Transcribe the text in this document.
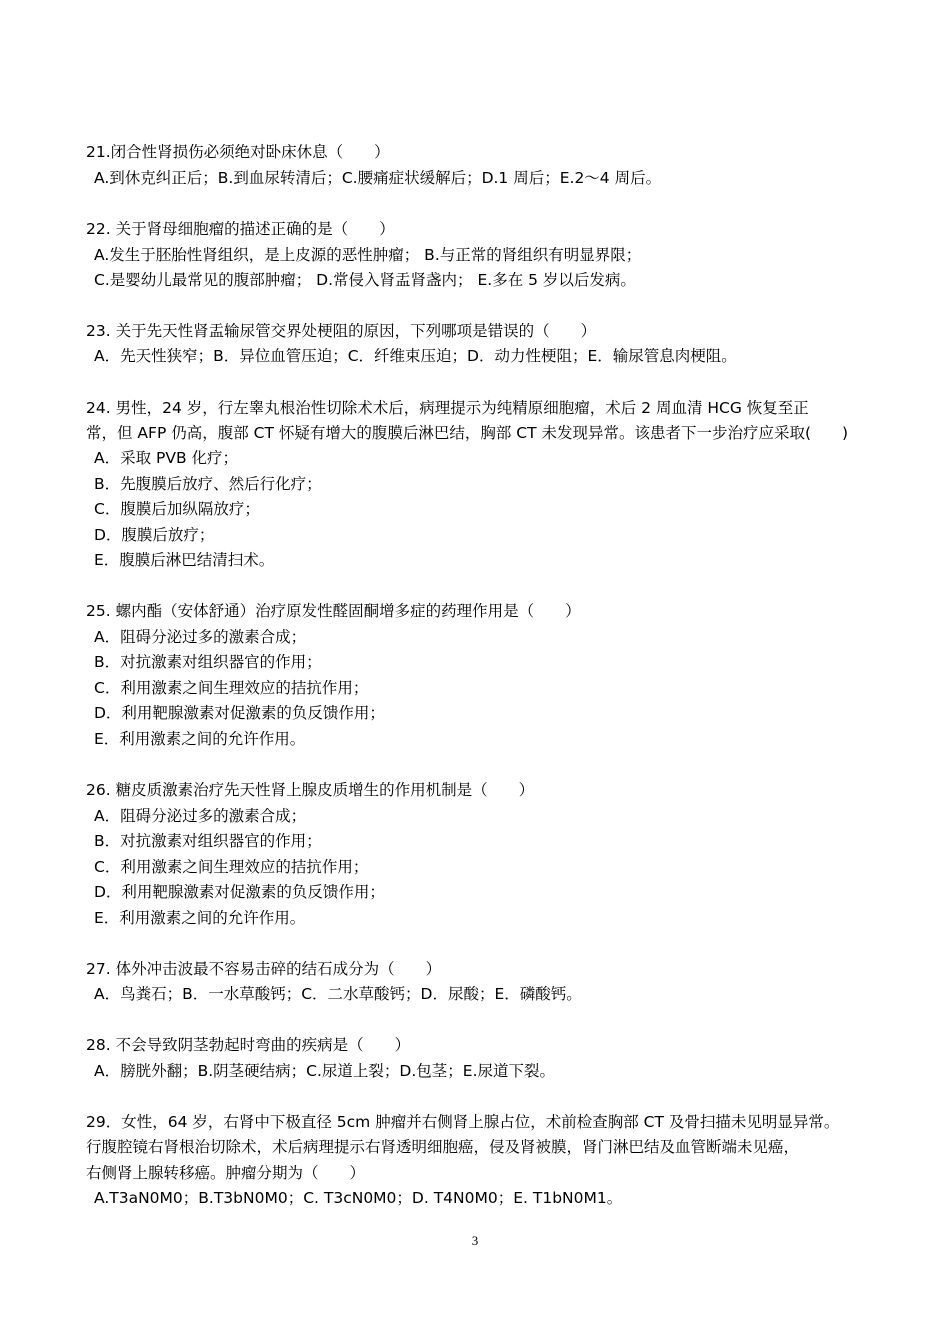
21.闭合性肾损伤必须绝对卧床休息（　　）
A.到休克纠正后；B.到血尿转清后；C.腰痛症状缓解后；D.1 周后；E.2～4 周后。
22. 关于肾母细胞瘤的描述正确的是（　　）
A.发生于胚胎性肾组织，是上皮源的恶性肿瘤； B.与正常的肾组织有明显界限；
C.是婴幼儿最常见的腹部肿瘤； D.常侵入肾盂肾盏内； E.多在 5 岁以后发病。
23. 关于先天性肾盂输尿管交界处梗阻的原因，下列哪项是错误的（　　）
A．先天性狭窄；B．异位血管压迫；C．纤维束压迫；D．动力性梗阻；E．输尿管息肉梗阻。
24. 男性，24 岁，行左睾丸根治性切除术术后，病理提示为纯精原细胞瘤，术后 2 周血清 HCG 恢复至正
常，但 AFP 仍高，腹部 CT 怀疑有增大的腹膜后淋巴结，胸部 CT 未发现异常。该患者下一步治疗应采取(　　)
A．采取 PVB 化疗；
B．先腹膜后放疗、然后行化疗；
C．腹膜后加纵隔放疗；
D．腹膜后放疗；
E．腹膜后淋巴结清扫术。
25. 螺内酯（安体舒通）治疗原发性醛固酮增多症的药理作用是（　　）
A．阻碍分泌过多的激素合成；
B．对抗激素对组织器官的作用；
C．利用激素之间生理效应的拮抗作用；
D．利用靶腺激素对促激素的负反馈作用；
E．利用激素之间的允许作用。
26. 糖皮质激素治疗先天性肾上腺皮质增生的作用机制是（　　）
A．阻碍分泌过多的激素合成；
B．对抗激素对组织器官的作用；
C．利用激素之间生理效应的拮抗作用；
D．利用靶腺激素对促激素的负反馈作用；
E．利用激素之间的允许作用。
27. 体外冲击波最不容易击碎的结石成分为（　　）
A．鸟粪石；B．一水草酸钙；C．二水草酸钙；D．尿酸；E．磷酸钙。
28. 不会导致阴茎勃起时弯曲的疾病是（　　）
A．膀胱外翻；B.阴茎硬结病；C.尿道上裂；D.包茎；E.尿道下裂。
29．女性，64 岁，右肾中下极直径 5cm 肿瘤并右侧肾上腺占位，术前检查胸部 CT 及骨扫描未见明显异常。
行腹腔镜右肾根治切除术，术后病理提示右肾透明细胞癌，侵及肾被膜，肾门淋巴结及血管断端未见癌，
右侧肾上腺转移癌。肿瘤分期为（　　）
A.T3aN0M0；B.T3bN0M0；C. T3cN0M0；D. T4N0M0；E. T1bN0M1。
3
